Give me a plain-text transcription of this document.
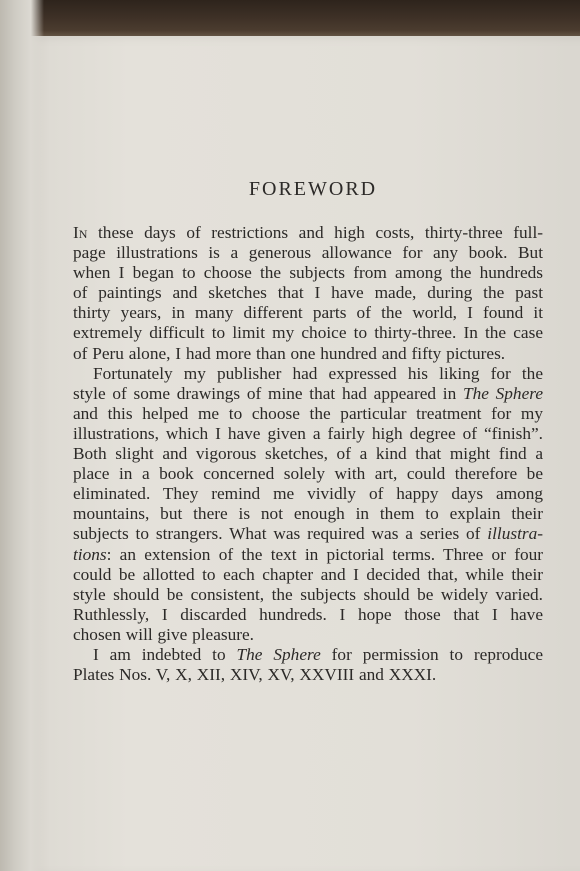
FOREWORD

In these days of restrictions and high costs, thirty-three full-
page illustrations is a generous allowance for any book. But
when I began to choose the subjects from among the hundreds
of paintings and sketches that I have made, during the past
thirty years, in many different parts of the world, I found it
extremely difficult to limit my choice to thirty-three. In the case
of Peru alone, I had more than one hundred and fifty pictures.

Fortunately my publisher had expressed his liking for the
style of some drawings of mine that had appeared in The Sphere
and this helped me to choose the particular treatment for my
illustrations, which I have given a fairly high degree of “finish”.
Both slight and vigorous sketches, of a kind that might find a
place in a book concerned solely with art, could therefore be
eliminated. They remind me vividly of happy days among
mountains, but there is not enough in them to explain their
subjects to strangers. What was required was a series of illustra-
tions: an extension of the text in pictorial terms. Three or four
could be allotted to each chapter and I decided that, while their
style should be consistent, the subjects should be widely varied.
Ruthlessly, I discarded hundreds. I hope those that I have
chosen will give pleasure.

I am indebted to The Sphere for permission to reproduce
Plates Nos. V, X, XII, XIV, XV, XXVIII and XXXI.
